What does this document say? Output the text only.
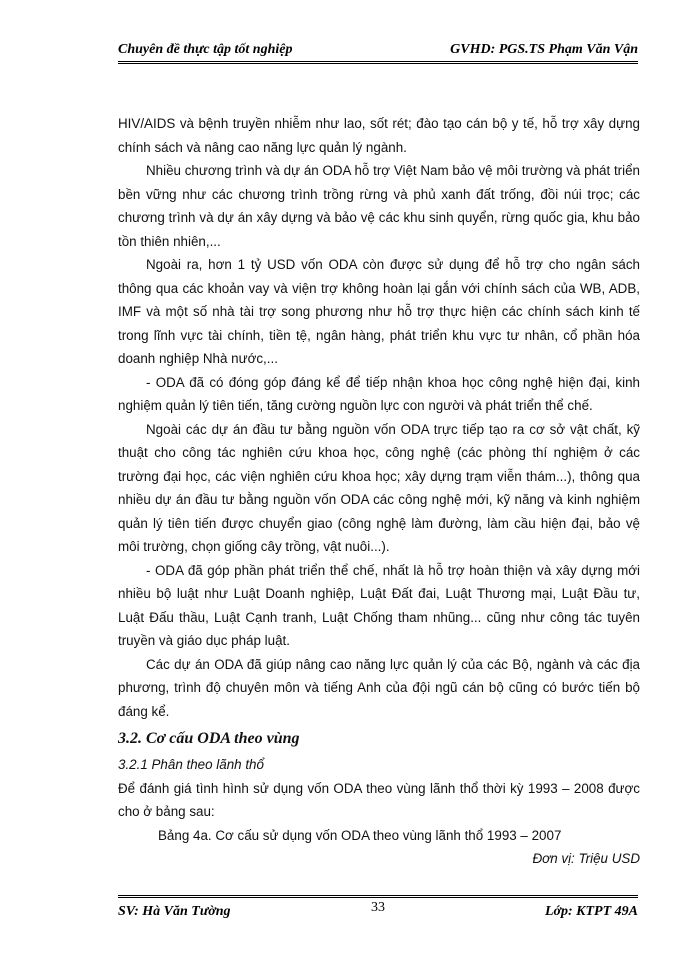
Chuyên đề thực tập tốt nghiệp	GVHD: PGS.TS Phạm Văn Vận

HIV/AIDS và bệnh truyền nhiễm như lao, sốt rét; đào tạo cán bộ y tế, hỗ trợ xây dựng chính sách và nâng cao năng lực quản lý ngành.

Nhiều chương trình và dự án ODA hỗ trợ Việt Nam bảo vệ môi trường và phát triển bền vững như các chương trình trồng rừng và phủ xanh đất trống, đồi núi trọc; các chương trình và dự án xây dựng và bảo vệ các khu sinh quyển, rừng quốc gia, khu bảo tồn thiên nhiên,...

Ngoài ra, hơn 1 tỷ USD vốn ODA còn được sử dụng để hỗ trợ cho ngân sách thông qua các khoản vay và viện trợ không hoàn lại gắn với chính sách của WB, ADB, IMF và một số nhà tài trợ song phương như hỗ trợ thực hiện các chính sách kinh tế trong lĩnh vực tài chính, tiền tệ, ngân hàng, phát triển khu vực tư nhân, cổ phần hóa doanh nghiệp Nhà nước,...

- ODA đã có đóng góp đáng kể để tiếp nhận khoa học công nghệ hiện đại, kinh nghiệm quản lý tiên tiến, tăng cường nguồn lực con người và phát triển thể chế.

Ngoài các dự án đầu tư bằng nguồn vốn ODA trực tiếp tạo ra cơ sở vật chất, kỹ thuật cho công tác nghiên cứu khoa học, công nghệ (các phòng thí nghiệm ở các trường đại học, các viện nghiên cứu khoa học; xây dựng trạm viễn thám...), thông qua nhiều dự án đầu tư bằng nguồn vốn ODA các công nghệ mới, kỹ năng và kinh nghiệm quản lý tiên tiến được chuyển giao (công nghệ làm đường, làm cầu hiện đại, bảo vệ môi trường, chọn giống cây trồng, vật nuôi...).

- ODA đã góp phần phát triển thể chế, nhất là hỗ trợ hoàn thiện và xây dựng mới nhiều bộ luật như Luật Doanh nghiệp, Luật Đất đai, Luật Thương mại, Luật Đầu tư, Luật Đấu thầu, Luật Cạnh tranh, Luật Chống tham nhũng... cũng như công tác tuyên truyền và giáo dục pháp luật.

Các dự án ODA đã giúp nâng cao năng lực quản lý của các Bộ, ngành và các địa phương, trình độ chuyên môn và tiếng Anh của đội ngũ cán bộ cũng có bước tiến bộ đáng kể.

3.2. Cơ cấu ODA theo vùng

3.2.1 Phân theo lãnh thổ

Để đánh giá tình hình sử dụng vốn ODA theo vùng lãnh thổ thời kỳ 1993 – 2008 được cho ở bảng sau:

Bảng 4a. Cơ cấu sử dụng vốn ODA theo vùng lãnh thổ 1993 – 2007

Đơn vị: Triệu USD

SV: Hà Văn Tường	33	Lớp: KTPT 49A
